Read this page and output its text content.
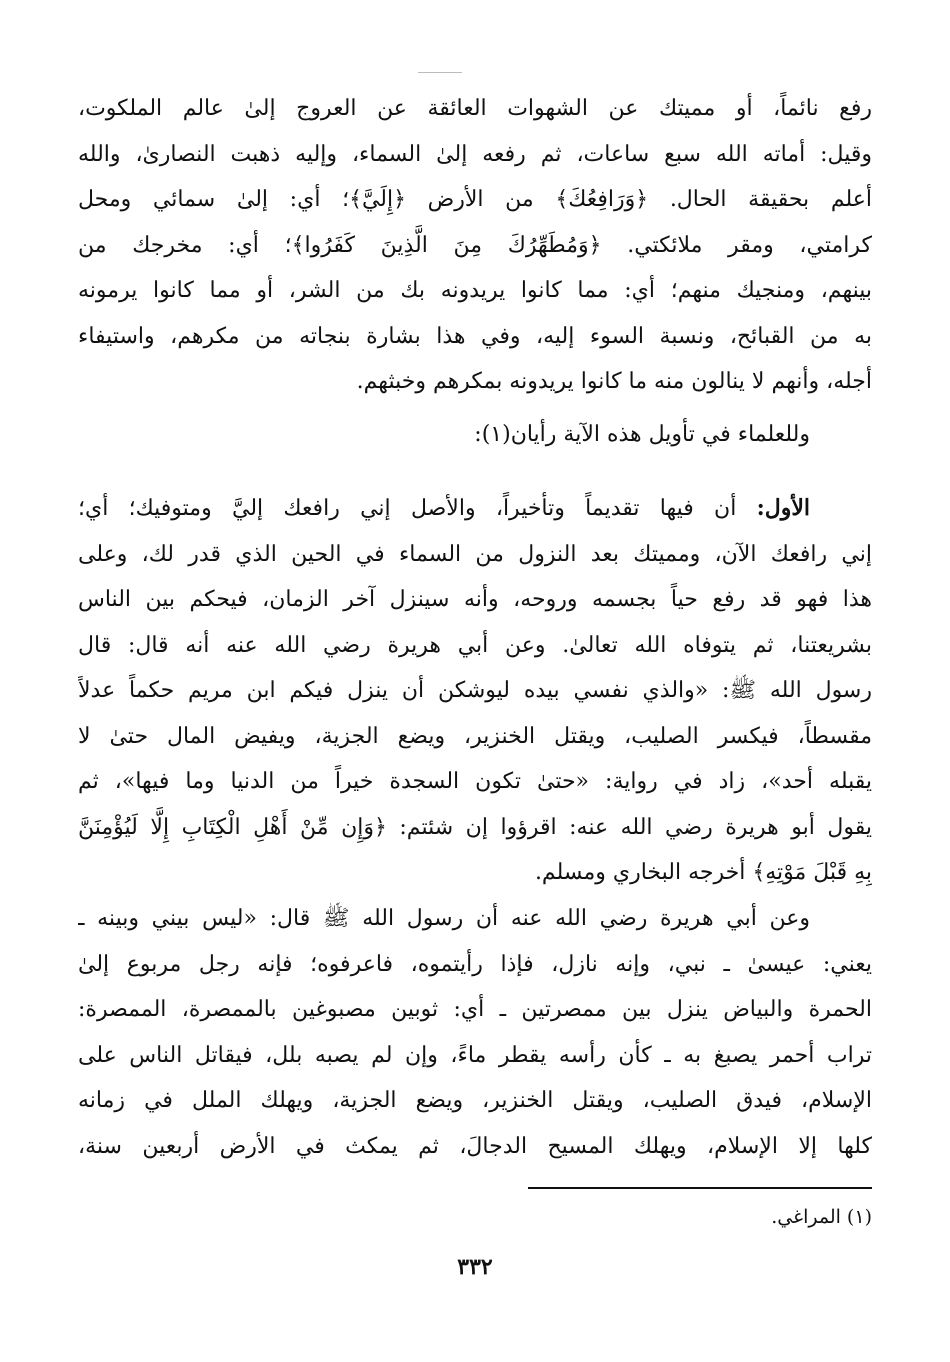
رفع نائماً، أو مميتك عن الشهوات العائقة عن العروج إلىٰ عالم الملكوت،
وقيل: أماته الله سبع ساعات، ثم رفعه إلىٰ السماء، وإليه ذهبت النصارىٰ، والله
أعلم بحقيقة الحال. ﴿وَرَافِعُكَ﴾ من الأرض ﴿إِلَيَّ﴾؛ أي: إلىٰ سمائي ومحل
كرامتي، ومقر ملائكتي. ﴿وَمُطَهِّرُكَ مِنَ الَّذِينَ كَفَرُوا﴾؛ أي: مخرجك من
بينهم، ومنجيك منهم؛ أي: مما كانوا يريدونه بك من الشر، أو مما كانوا يرمونه
به من القبائح، ونسبة السوء إليه، وفي هذا بشارة بنجاته من مكرهم، واستيفاء
أجله، وأنهم لا ينالون منه ما كانوا يريدونه بمكرهم وخبثهم.
وللعلماء في تأويل هذه الآية رأيان(١):
الأول: أن فيها تقديماً وتأخيراً، والأصل إني رافعك إليَّ ومتوفيك؛ أي؛
إني رافعك الآن، ومميتك بعد النزول من السماء في الحين الذي قدر لك، وعلى
هذا فهو قد رفع حياً بجسمه وروحه، وأنه سينزل آخر الزمان، فيحكم بين الناس
بشريعتنا، ثم يتوفاه الله تعالىٰ. وعن أبي هريرة رضي الله عنه أنه قال: قال
رسول الله ﷺ: «والذي نفسي بيده ليوشكن أن ينزل فيكم ابن مريم حكماً عدلاً
مقسطاً، فيكسر الصليب، ويقتل الخنزير، ويضع الجزية، ويفيض المال حتىٰ لا
يقبله أحد»، زاد في رواية: «حتىٰ تكون السجدة خيراً من الدنيا وما فيها»، ثم
يقول أبو هريرة رضي الله عنه: اقرؤوا إن شئتم: ﴿وَإِن مِّنْ أَهْلِ الْكِتَابِ إِلَّا لَيُؤْمِنَنَّ
بِهِ قَبْلَ مَوْتِهِ﴾ أخرجه البخاري ومسلم.
وعن أبي هريرة رضي الله عنه أن رسول الله ﷺ قال: «ليس بيني وبينه ـ
يعني: عيسىٰ ـ نبي، وإنه نازل، فإذا رأيتموه، فاعرفوه؛ فإنه رجل مربوع إلىٰ
الحمرة والبياض ينزل بين ممصرتين ـ أي: ثوبين مصبوغين بالممصرة، الممصرة:
تراب أحمر يصبغ به ـ كأن رأسه يقطر ماءً، وإن لم يصبه بلل، فيقاتل الناس على
الإسلام، فيدق الصليب، ويقتل الخنزير، ويضع الجزية، ويهلك الملل في زمانه
كلها إلا الإسلام، ويهلك المسيح الدجالَ، ثم يمكث في الأرض أربعين سنة،
(١) المراغي.
٣٣٢
